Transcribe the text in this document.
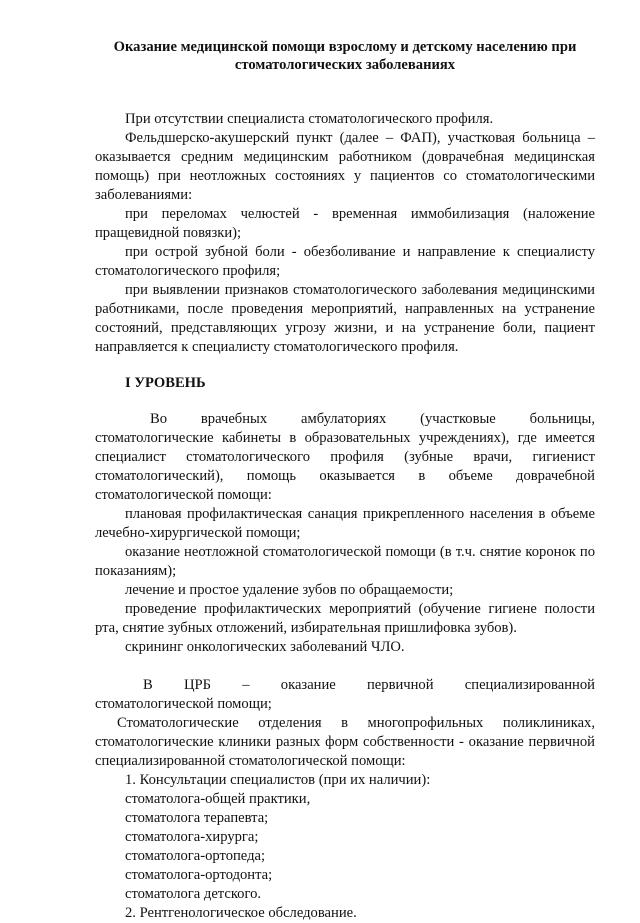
Оказание медицинской помощи взрослому и детскому населению при стоматологических заболеваниях

При отсутствии специалиста стоматологического профиля.

Фельдшерско-акушерский пункт (далее – ФАП), участковая больница – оказывается средним медицинским работником (доврачебная медицинская помощь) при неотложных состояниях у пациентов со стоматологическими заболеваниями:

при переломах челюстей - временная иммобилизация (наложение пращевидной повязки);

при острой зубной боли - обезболивание и направление к специалисту стоматологического профиля;

при выявлении признаков стоматологического заболевания медицинскими работниками, после проведения мероприятий, направленных на устранение состояний, представляющих угрозу жизни, и на устранение боли, пациент направляется к специалисту стоматологического профиля.

I УРОВЕНЬ

Во врачебных амбулаториях (участковые больницы, стоматологические кабинеты в образовательных учреждениях), где имеется специалист стоматологического профиля (зубные врачи, гигиенист стоматологический), помощь оказывается в объеме доврачебной стоматологической помощи:

плановая профилактическая санация прикрепленного населения в объеме лечебно-хирургической помощи;

оказание неотложной стоматологической помощи (в т.ч. снятие коронок по показаниям);

лечение и простое удаление зубов по обращаемости;

проведение профилактических мероприятий (обучение гигиене полости рта, снятие зубных отложений, избирательная пришлифовка зубов).

скрининг онкологических заболеваний ЧЛО.

В ЦРБ – оказание первичной специализированной

стоматологической помощи;

Стоматологические отделения в многопрофильных поликлиниках, стоматологические клиники разных форм собственности - оказание первичной специализированной стоматологической помощи:

1. Консультации специалистов (при их наличии):

стоматолога-общей практики,

стоматолога терапевта;

стоматолога-хирурга;

стоматолога-ортопеда;

стоматолога-ортодонта;

стоматолога детского.

2. Рентгенологическое обследование.
